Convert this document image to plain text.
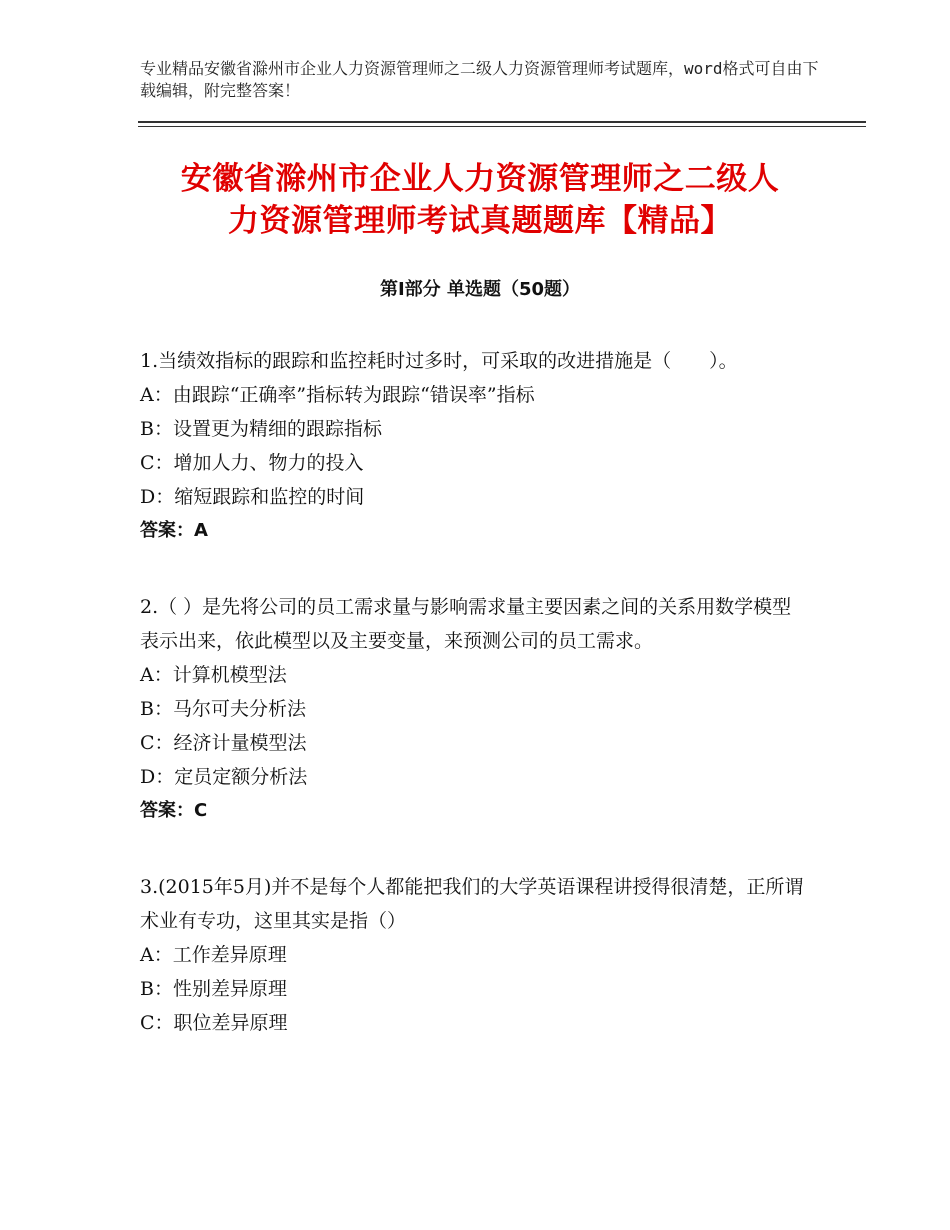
专业精品安徽省滁州市企业人力资源管理师之二级人力资源管理师考试题库，word格式可自由下载编辑，附完整答案！
安徽省滁州市企业人力资源管理师之二级人
力资源管理师考试真题题库【精品】
第Ⅰ部分 单选题（50题）
1.当绩效指标的跟踪和监控耗时过多时，可采取的改进措施是（　　）。
A：由跟踪“正确率”指标转为跟踪“错误率”指标
B：设置更为精细的跟踪指标
C：增加人力、物力的投入
D：缩短跟踪和监控的时间
答案：A
2.（ ）是先将公司的员工需求量与影响需求量主要因素之间的关系用数学模型表示出来，依此模型以及主要变量，来预测公司的员工需求。
A：计算机模型法
B：马尔可夫分析法
C：经济计量模型法
D：定员定额分析法
答案：C
3.(2015年5月)并不是每个人都能把我们的大学英语课程讲授得很清楚，正所谓术业有专功，这里其实是指（）
A：工作差异原理
B：性别差异原理
C：职位差异原理
